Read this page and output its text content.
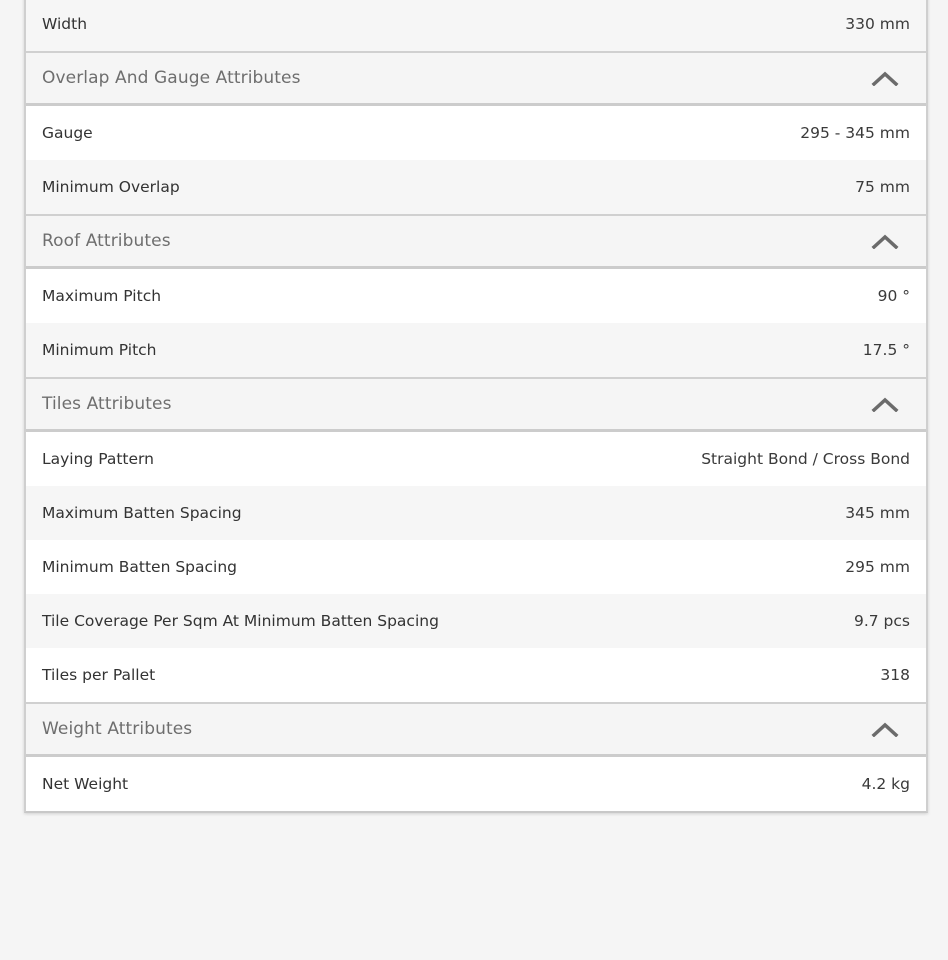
Width	330 mm
Overlap And Gauge Attributes
Gauge	295 - 345 mm
Minimum Overlap	75 mm
Roof Attributes
Maximum Pitch	90 °
Minimum Pitch	17.5 °
Tiles Attributes
Laying Pattern	Straight Bond / Cross Bond
Maximum Batten Spacing	345 mm
Minimum Batten Spacing	295 mm
Tile Coverage Per Sqm At Minimum Batten Spacing	9.7 pcs
Tiles per Pallet	318
Weight Attributes
Net Weight	4.2 kg
